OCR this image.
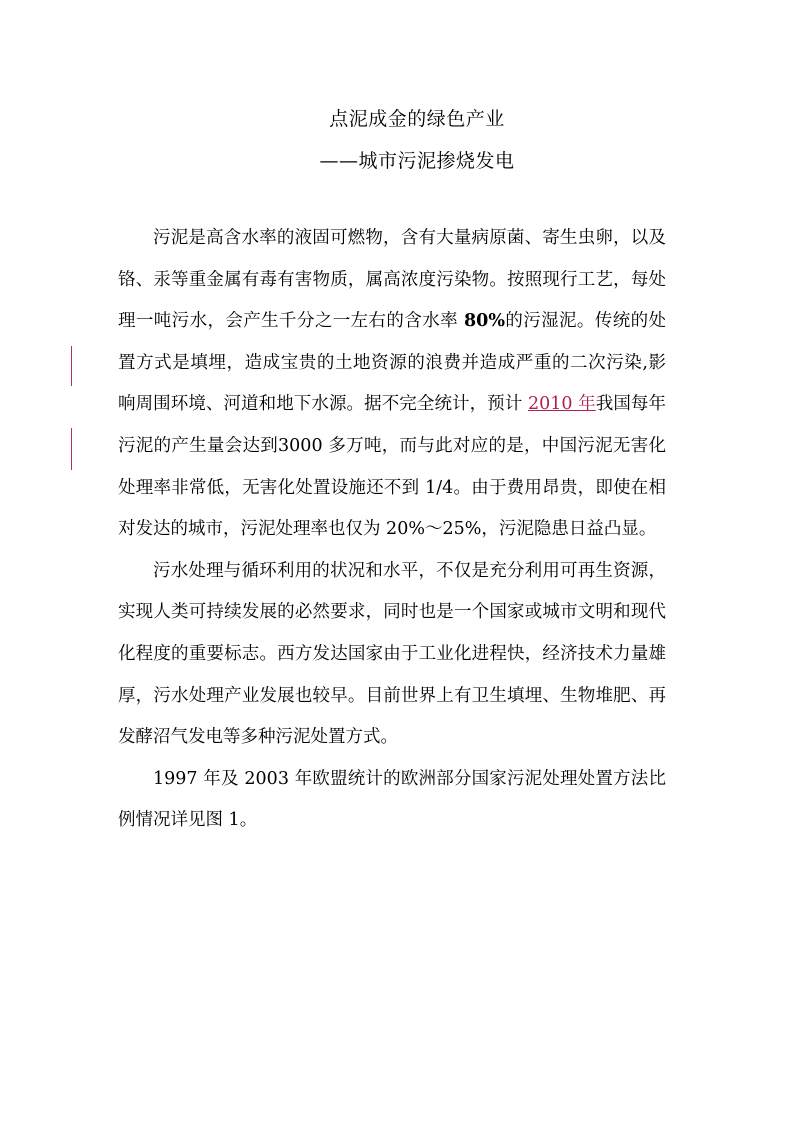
点泥成金的绿色产业
——城市污泥掺烧发电

污泥是高含水率的液固可燃物，含有大量病原菌、寄生虫卵，以及铬、汞等重金属有毒有害物质，属高浓度污染物。按照现行工艺，每处理一吨污水，会产生千分之一左右的含水率 80%的污湿泥。传统的处置方式是填埋，造成宝贵的土地资源的浪费并造成严重的二次污染,影响周围环境、河道和地下水源。据不完全统计，预计 2010 年我国每年污泥的产生量会达到3000 多万吨，而与此对应的是，中国污泥无害化处理率非常低，无害化处置设施还不到 1/4。由于费用昂贵，即使在相对发达的城市，污泥处理率也仅为 20%～25%，污泥隐患日益凸显。

污水处理与循环利用的状况和水平，不仅是充分利用可再生资源，实现人类可持续发展的必然要求，同时也是一个国家或城市文明和现代化程度的重要标志。西方发达国家由于工业化进程快，经济技术力量雄厚，污水处理产业发展也较早。目前世界上有卫生填埋、生物堆肥、再发酵沼气发电等多种污泥处置方式。

1997 年及 2003 年欧盟统计的欧洲部分国家污泥处理处置方法比例情况详见图 1。
